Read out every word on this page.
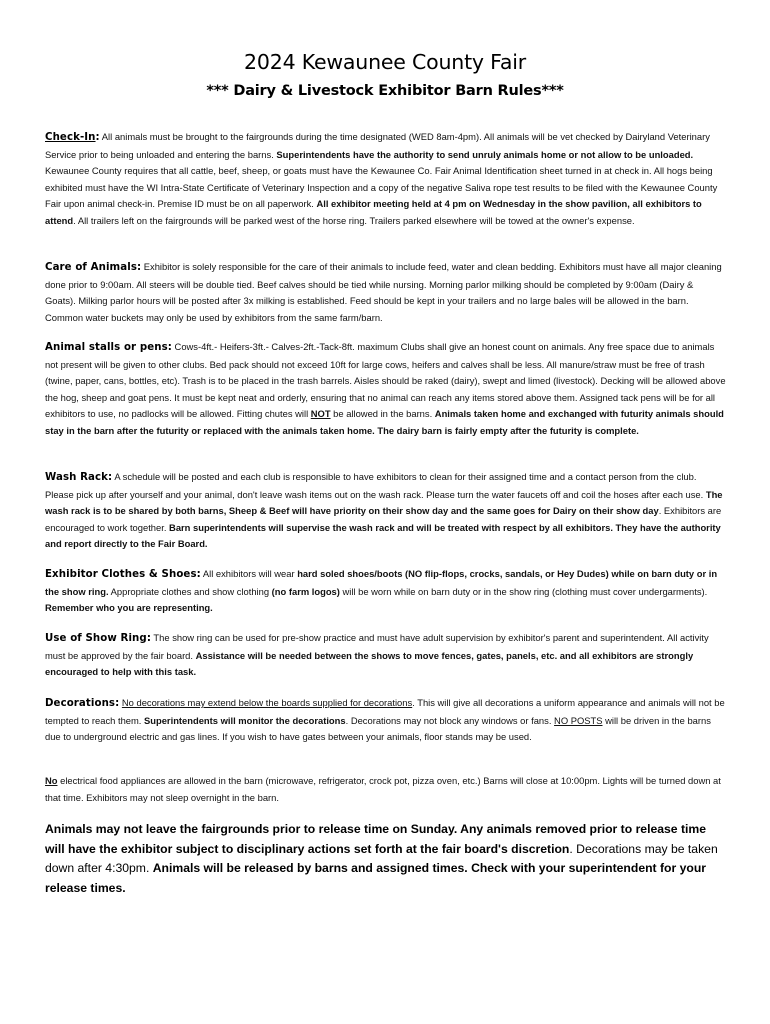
2024 Kewaunee County Fair
*** Dairy & Livestock Exhibitor Barn Rules***
Check-In: All animals must be brought to the fairgrounds during the time designated (WED 8am-4pm). All animals will be vet checked by Dairyland Veterinary Service prior to being unloaded and entering the barns. Superintendents have the authority to send unruly animals home or not allow to be unloaded. Kewaunee County requires that all cattle, beef, sheep, or goats must have the Kewaunee Co. Fair Animal Identification sheet turned in at check in. All hogs being exhibited must have the WI Intra-State Certificate of Veterinary Inspection and a copy of the negative Saliva rope test results to be filed with the Kewaunee County Fair upon animal check-in. Premise ID must be on all paperwork. All exhibitor meeting held at 4 pm on Wednesday in the show pavilion, all exhibitors to attend. All trailers left on the fairgrounds will be parked west of the horse ring. Trailers parked elsewhere will be towed at the owner's expense.
Care of Animals: Exhibitor is solely responsible for the care of their animals to include feed, water and clean bedding. Exhibitors must have all major cleaning done prior to 9:00am. All steers will be double tied. Beef calves should be tied while nursing. Morning parlor milking should be completed by 9:00am (Dairy & Goats). Milking parlor hours will be posted after 3x milking is established. Feed should be kept in your trailers and no large bales will be allowed in the barn. Common water buckets may only be used by exhibitors from the same farm/barn.
Animal stalls or pens: Cows-4ft.- Heifers-3ft.- Calves-2ft.-Tack-8ft. maximum Clubs shall give an honest count on animals. Any free space due to animals not present will be given to other clubs. Bed pack should not exceed 10ft for large cows, heifers and calves shall be less. All manure/straw must be free of trash (twine, paper, cans, bottles, etc). Trash is to be placed in the trash barrels. Aisles should be raked (dairy), swept and limed (livestock). Decking will be allowed above the hog, sheep and goat pens. It must be kept neat and orderly, ensuring that no animal can reach any items stored above them. Assigned tack pens will be for all exhibitors to use, no padlocks will be allowed. Fitting chutes will NOT be allowed in the barns. Animals taken home and exchanged with futurity animals should stay in the barn after the futurity or replaced with the animals taken home. The dairy barn is fairly empty after the futurity is complete.
Wash Rack: A schedule will be posted and each club is responsible to have exhibitors to clean for their assigned time and a contact person from the club. Please pick up after yourself and your animal, don't leave wash items out on the wash rack. Please turn the water faucets off and coil the hoses after each use. The wash rack is to be shared by both barns, Sheep & Beef will have priority on their show day and the same goes for Dairy on their show day. Exhibitors are encouraged to work together. Barn superintendents will supervise the wash rack and will be treated with respect by all exhibitors. They have the authority and report directly to the Fair Board.
Exhibitor Clothes & Shoes: All exhibitors will wear hard soled shoes/boots (NO flip-flops, crocks, sandals, or Hey Dudes) while on barn duty or in the show ring. Appropriate clothes and show clothing (no farm logos) will be worn while on barn duty or in the show ring (clothing must cover undergarments). Remember who you are representing.
Use of Show Ring: The show ring can be used for pre-show practice and must have adult supervision by exhibitor's parent and superintendent. All activity must be approved by the fair board. Assistance will be needed between the shows to move fences, gates, panels, etc. and all exhibitors are strongly encouraged to help with this task.
Decorations: No decorations may extend below the boards supplied for decorations. This will give all decorations a uniform appearance and animals will not be tempted to reach them. Superintendents will monitor the decorations. Decorations may not block any windows or fans. NO POSTS will be driven in the barns due to underground electric and gas lines. If you wish to have gates between your animals, floor stands may be used.
No electrical food appliances are allowed in the barn (microwave, refrigerator, crock pot, pizza oven, etc.) Barns will close at 10:00pm. Lights will be turned down at that time. Exhibitors may not sleep overnight in the barn.
Animals may not leave the fairgrounds prior to release time on Sunday. Any animals removed prior to release time will have the exhibitor subject to disciplinary actions set forth at the fair board's discretion. Decorations may be taken down after 4:30pm. Animals will be released by barns and assigned times. Check with your superintendent for your release times.
